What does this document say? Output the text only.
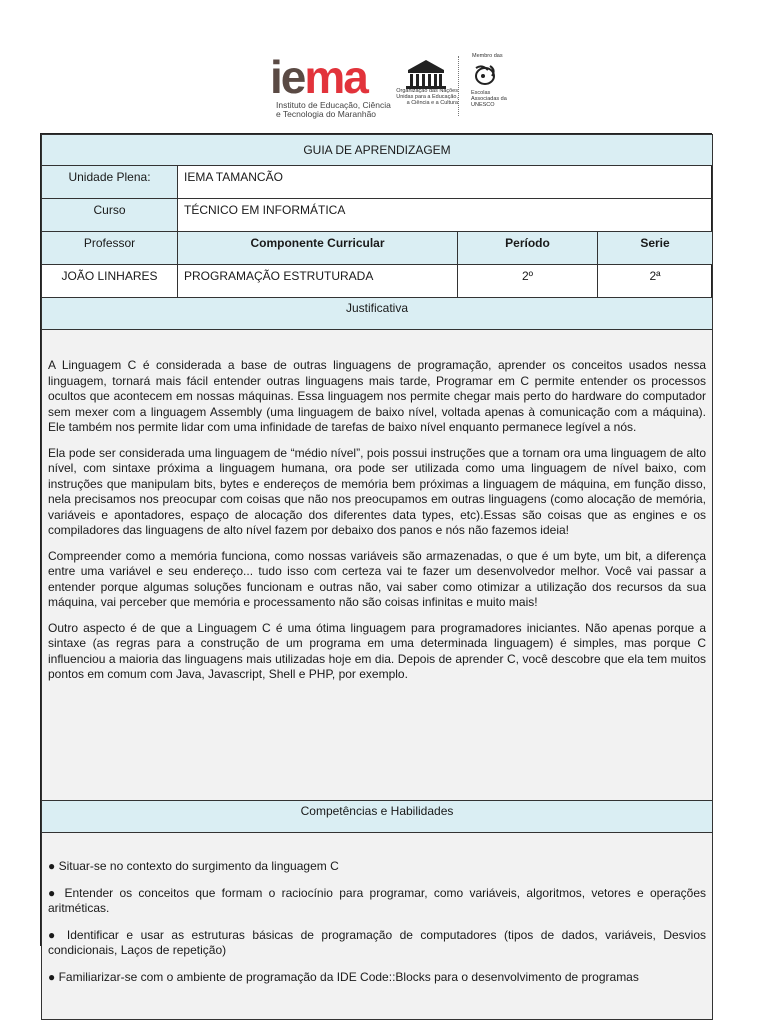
iema
Instituto de Educação, Ciência e Tecnologia do Maranhão
Organização das Nações Unidas para a Educação, a Ciência e a Cultura
Membro das
Escolas Associadas da UNESCO
GUIA DE APRENDIZAGEM			
Unidade Plena:	IEMA TAMANCÃO		
Curso	TÉCNICO EM INFORMÁTICA		
Professor	Componente Curricular	Período	Serie
JOÃO LINHARES	PROGRAMAÇÃO ESTRUTURADA	2º	2ª
Justificativa			

A Linguagem C é considerada a base de outras linguagens de programação, aprender os conceitos usados nessa linguagem, tornará mais fácil entender outras linguagens mais tarde, Programar em C permite entender os processos ocultos que acontecem em nossas máquinas. Essa linguagem nos permite chegar mais perto do hardware do computador sem mexer com a linguagem Assembly (uma linguagem de baixo nível, voltada apenas à comunicação com a máquina). Ele também nos permite lidar com uma infinidade de tarefas de baixo nível enquanto permanece legível a nós.

Ela pode ser considerada uma linguagem de “médio nível”, pois possui instruções que a tornam ora uma linguagem de alto nível, com sintaxe próxima a linguagem humana, ora pode ser utilizada como uma linguagem de nível baixo, com instruções que manipulam bits, bytes e endereços de memória bem próximas a linguagem de máquina, em função disso, nela precisamos nos preocupar com coisas que não nos preocupamos em outras linguagens (como alocação de memória, variáveis e apontadores, espaço de alocação dos diferentes data types, etc).Essas são coisas que as engines e os compiladores das linguagens de alto nível fazem por debaixo dos panos e nós não fazemos ideia!

Compreender como a memória funciona, como nossas variáveis são armazenadas, o que é um byte, um bit, a diferença entre uma variável e seu endereço... tudo isso com certeza vai te fazer um desenvolvedor melhor. Você vai passar a entender porque algumas soluções funcionam e outras não, vai saber como otimizar a utilização dos recursos da sua máquina, vai perceber que memória e processamento não são coisas infinitas e muito mais!

Outro aspecto é de que a Linguagem C é uma ótima linguagem para programadores iniciantes. Não apenas porque a sintaxe (as regras para a construção de um programa em uma determinada linguagem) é simples, mas porque C influenciou a maioria das linguagens mais utilizadas hoje em dia. Depois de aprender C, você descobre que ela tem muitos pontos em comum com Java, Javascript, Shell e PHP, por exemplo.			

Competências e Habilidades			

● Situar-se no contexto do surgimento da linguagem C

● Entender os conceitos que formam o raciocínio para programar, como variáveis, algoritmos, vetores e operações aritméticas.

● Identificar e usar as estruturas básicas de programação de computadores (tipos de dados, variáveis, Desvios condicionais, Laços de repetição)

● Familiarizar-se com o ambiente de programação da IDE Code::Blocks para o desenvolvimento de programas			
